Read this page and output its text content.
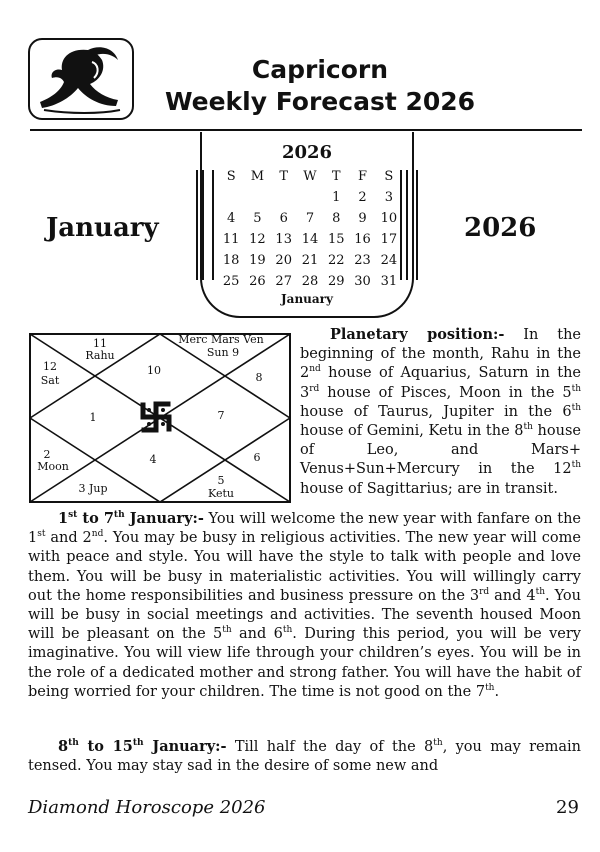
Capricorn
Weekly Forecast 2026
January	2026
2026
S	M	T	W	T	F	S
				1	2	3
4	5	6	7	8	9	10
11	12	13	14	15	16	17
18	19	20	21	22	23	24
25	26	27	28	29	30	31
January
11
Rahu
Merc Mars Ven
Sun 9
12
Sat
10
8
1	7
2
Moon
4	6
3 Jup
5
Ketu

Planetary position:- In the beginning of the month, Rahu in the 2nd house of Aquarius, Saturn in the 3rd house of Pisces, Moon in the 5th house of Taurus, Jupiter in the 6th house of Gemini, Ketu in the 8th house of Leo, and Mars+ Venus+Sun+Mercury in the 12th house of Sagittarius; are in transit.

1st to 7th January:- You will welcome the new year with fanfare on the 1st and 2nd. You may be busy in religious activities. The new year will come with peace and style. You will have the style to talk with people and love them. You will be busy in materialistic activities. You will willingly carry out the home responsibilities and business pressure on the 3rd and 4th. You will be busy in social meetings and activities. The seventh housed Moon will be pleasant on the 5th and 6th. During this period, you will be very imaginative. You will view life through your children’s eyes. You will be in the role of a dedicated mother and strong father. You will have the habit of being worried for your children. The time is not good on the 7th.

8th to 15th January:- Till half the day of the 8th, you may remain tensed. You may stay sad in the desire of some new and

Diamond Horoscope 2026	29
